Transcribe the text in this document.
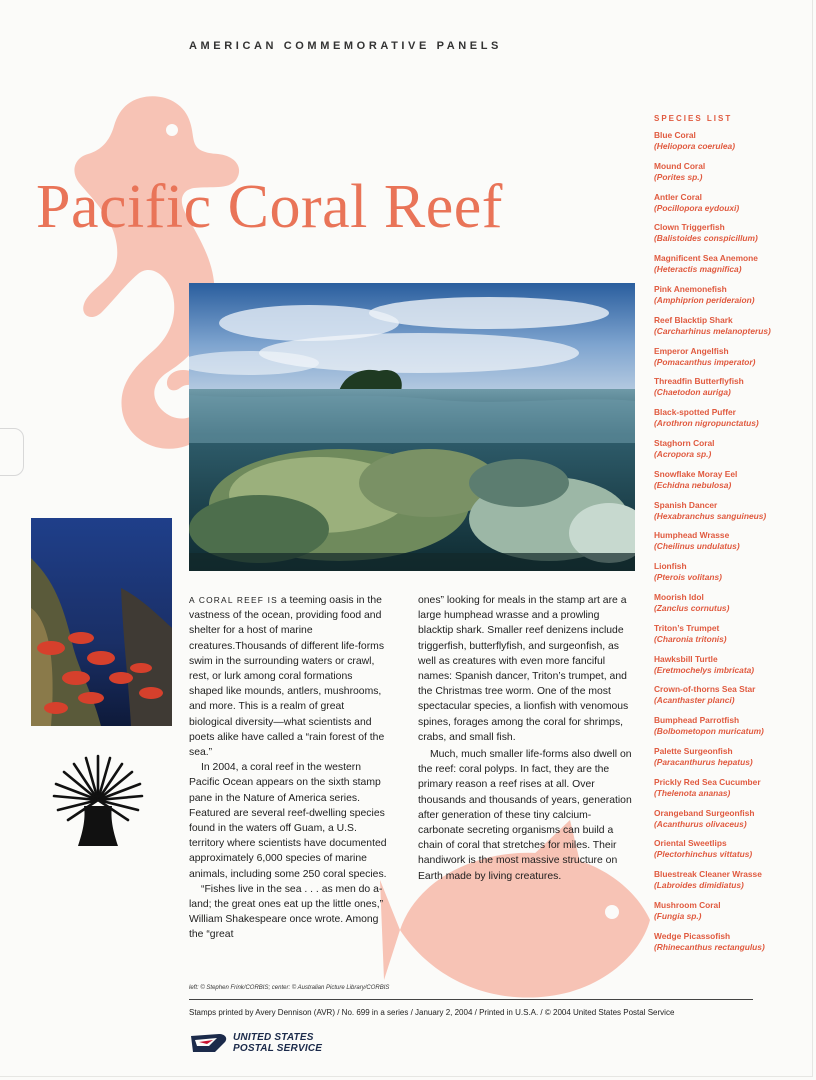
AMERICAN COMMEMORATIVE PANELS
Pacific Coral Reef

A CORAL REEF IS a teeming oasis in the vastness of the ocean, providing food and shelter for a host of marine creatures.Thousands of different life-forms swim in the surrounding waters or crawl, rest, or lurk among coral formations shaped like mounds, antlers, mushrooms, and more. This is a realm of great biological diversity—what scientists and poets alike have called a “rain forest of the sea.”

In 2004, a coral reef in the western Pacific Ocean appears on the sixth stamp pane in the Nature of America series. Featured are several reef-dwelling species found in the waters off Guam, a U.S. territory where scientists have documented approximately 6,000 species of marine animals, including some 250 coral species.

“Fishes live in the sea . . . as men do a-land; the great ones eat up the little ones,” William Shakespeare once wrote. Among the “great

Much, much smaller life-forms also dwell on the reef: coral polyps. In fact, they are the primary reason a reef rises at all. Over thousands and thousands of years, generation after generation of these tiny calcium-carbonate secreting organisms can build a chain of coral that stretches for miles. Their handiwork is the most massive structure on Earth made by living creatures.

ones” looking for meals in the stamp art are a large humphead wrasse and a prowling blacktip shark. Smaller reef denizens include triggerfish, butterflyfish, and surgeonfish, as well as creatures with even more fanciful names: Spanish dancer, Triton’s trumpet, and the Christmas tree worm. One of the most spectacular species, a lionfish with venomous spines, forages among the coral for shrimps, crabs, and small fish.

SPECIES LIST
Blue Coral
(Heliopora coerulea)
Mound Coral
(Porites sp.)
Antler Coral
(Pocillopora eydouxi)
Clown Triggerfish
(Balistoides conspicillum)
Magnificent Sea Anemone
(Heteractis magnifica)
Pink Anemonefish
(Amphiprion perideraion)
Reef Blacktip Shark
(Carcharhinus melanopterus)
Emperor Angelfish
(Pomacanthus imperator)
Threadfin Butterflyfish
(Chaetodon auriga)
Black-spotted Puffer
(Arothron nigropunctatus)
Staghorn Coral
(Acropora sp.)
Snowflake Moray Eel
(Echidna nebulosa)
Spanish Dancer
(Hexabranchus sanguineus)
Humphead Wrasse
(Cheilinus undulatus)
Lionfish
(Pterois volitans)
Moorish Idol
(Zanclus cornutus)
Triton’s Trumpet
(Charonia tritonis)
Hawksbill Turtle
(Eretmochelys imbricata)
Crown-of-thorns Sea Star
(Acanthaster planci)
Bumphead Parrotfish
(Bolbometopon muricatum)
Palette Surgeonfish
(Paracanthurus hepatus)
Prickly Red Sea Cucumber
(Thelenota ananas)
Orangeband Surgeonfish
(Acanthurus olivaceus)
Oriental Sweetlips
(Plectorhinchus vittatus)
Bluestreak Cleaner Wrasse
(Labroides dimidiatus)
Mushroom Coral
(Fungia sp.)
Wedge Picassofish
(Rhinecanthus rectangulus)
left: © Stephen Frink/CORBIS; center: © Australian Picture Library/CORBIS
Stamps printed by Avery Dennison (AVR) / No. 699 in a series / January 2, 2004 / Printed in U.S.A. / © 2004 United States Postal Service
UNITED STATES
POSTAL SERVICE
